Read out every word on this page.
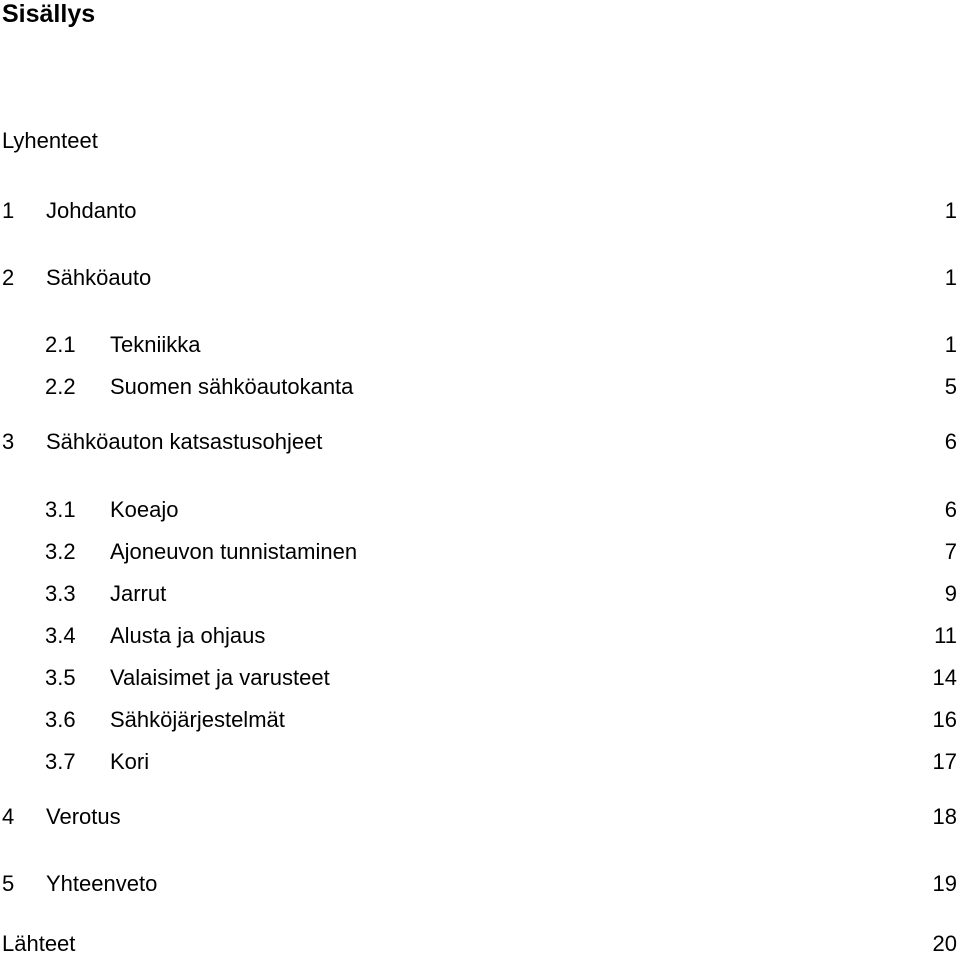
Sisällys
Lyhenteet
1 Johdanto	1
2 Sähköauto	1
2.1 Tekniikka	1
2.2 Suomen sähköautokanta	5
3 Sähköauton katsastusohjeet	6
3.1 Koeajo	6
3.2 Ajoneuvon tunnistaminen	7
3.3 Jarrut	9
3.4 Alusta ja ohjaus	11
3.5 Valaisimet ja varusteet	14
3.6 Sähköjärjestelmät	16
3.7 Kori	17
4 Verotus	18
5 Yhteenveto	19
Lähteet	20
